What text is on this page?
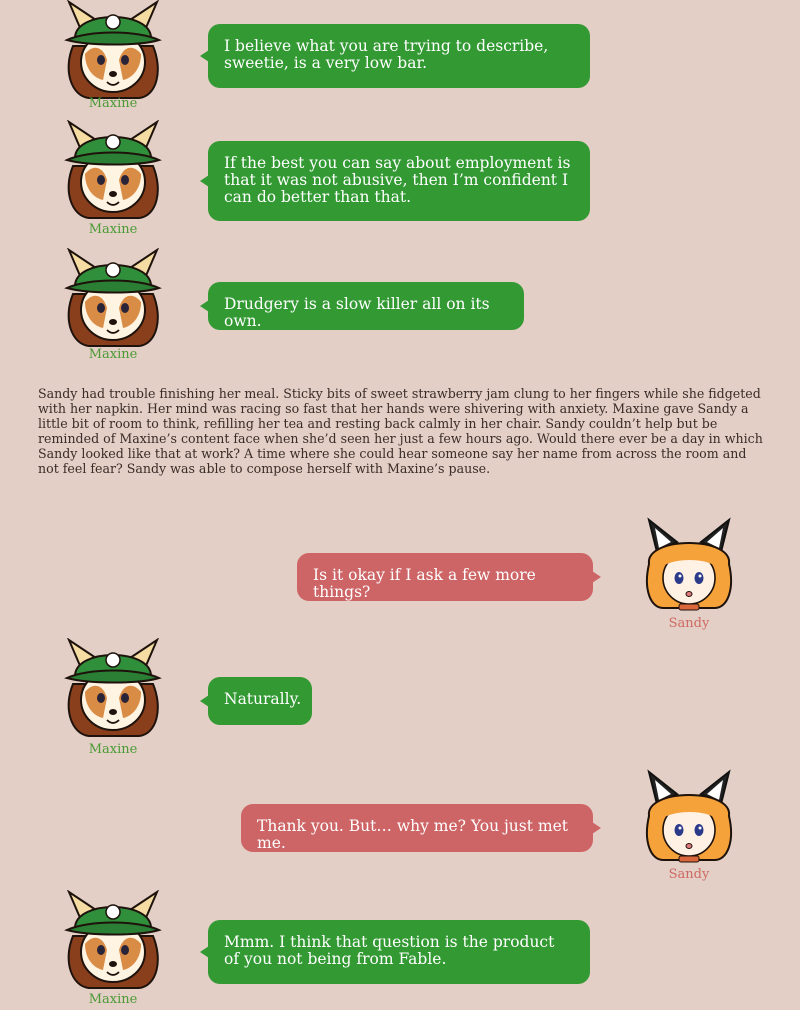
Maxine
I believe what you are trying to describe, sweetie, is a very low bar.
Maxine
If the best you can say about employment is that it was not abusive, then I’m confident I can do better than that.
Maxine
Drudgery is a slow killer all on its own.
Sandy had trouble finishing her meal. Sticky bits of sweet strawberry jam clung to her fingers while she fidgeted with her napkin. Her mind was racing so fast that her hands were shivering with anxiety. Maxine gave Sandy a little bit of room to think, refilling her tea and resting back calmly in her chair. Sandy couldn’t help but be reminded of Maxine’s content face when she’d seen her just a few hours ago. Would there ever be a day in which Sandy looked like that at work? A time where she could hear someone say her name from across the room and not feel fear? Sandy was able to compose herself with Maxine’s pause.
Is it okay if I ask a few more things?
Sandy
Maxine
Naturally.
Thank you. But… why me? You just met me.
Sandy
Maxine
Mmm. I think that question is the product of you not being from Fable.
